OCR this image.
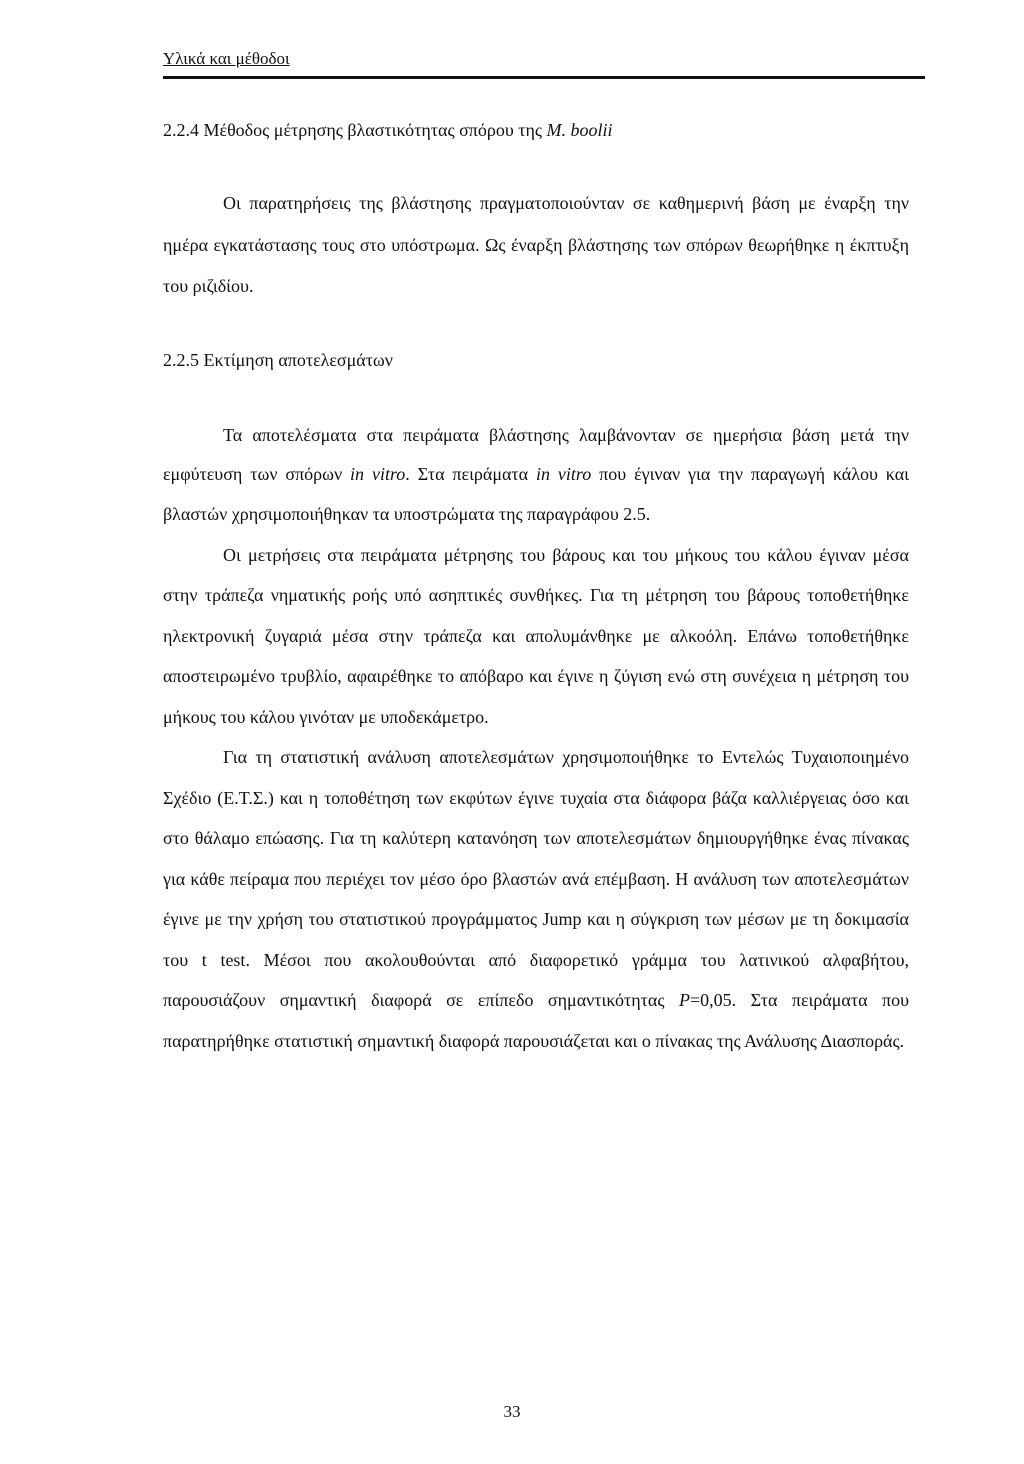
Υλικά και μέθοδοι
2.2.4 Μέθοδος μέτρησης βλαστικότητας σπόρου της M. boolii

Οι παρατηρήσεις της βλάστησης πραγματοποιούνταν σε καθημερινή βάση με έναρξη την ημέρα εγκατάστασης τους στο υπόστρωμα. Ως έναρξη βλάστησης των σπόρων θεωρήθηκε η έκπτυξη του ριζιδίου.

2.2.5 Εκτίμηση αποτελεσμάτων

Τα αποτελέσματα στα πειράματα βλάστησης λαμβάνονταν σε ημερήσια βάση μετά την εμφύτευση των σπόρων in vitro. Στα πειράματα in vitro που έγιναν για την παραγωγή κάλου και βλαστών χρησιμοποιήθηκαν τα υποστρώματα της παραγράφου 2.5.

Οι μετρήσεις στα πειράματα μέτρησης του βάρους και του μήκους του κάλου έγιναν μέσα στην τράπεζα νηματικής ροής υπό ασηπτικές συνθήκες. Για τη μέτρηση του βάρους τοποθετήθηκε ηλεκτρονική ζυγαριά μέσα στην τράπεζα και απολυμάνθηκε με αλκοόλη. Επάνω τοποθετήθηκε αποστειρωμένο τρυβλίο, αφαιρέθηκε το απόβαρο και έγινε η ζύγιση ενώ στη συνέχεια η μέτρηση του μήκους του κάλου γινόταν με υποδεκάμετρο.

Για τη στατιστική ανάλυση αποτελεσμάτων χρησιμοποιήθηκε το Εντελώς Τυχαιοποιημένο Σχέδιο (Ε.Τ.Σ.) και η τοποθέτηση των εκφύτων έγινε τυχαία στα διάφορα βάζα καλλιέργειας όσο και στο θάλαμο επώασης. Για τη καλύτερη κατανόηση των αποτελεσμάτων δημιουργήθηκε ένας πίνακας για κάθε πείραμα που περιέχει τον μέσο όρο βλαστών ανά επέμβαση. Η ανάλυση των αποτελεσμάτων έγινε με την χρήση του στατιστικού προγράμματος Jump και η σύγκριση των μέσων με τη δοκιμασία του t test. Μέσοι που ακολουθούνται από διαφορετικό γράμμα του λατινικού αλφαβήτου, παρουσιάζουν σημαντική διαφορά σε επίπεδο σημαντικότητας P=0,05. Στα πειράματα που παρατηρήθηκε στατιστική σημαντική διαφορά παρουσιάζεται και ο πίνακας της Ανάλυσης Διασποράς.

33
